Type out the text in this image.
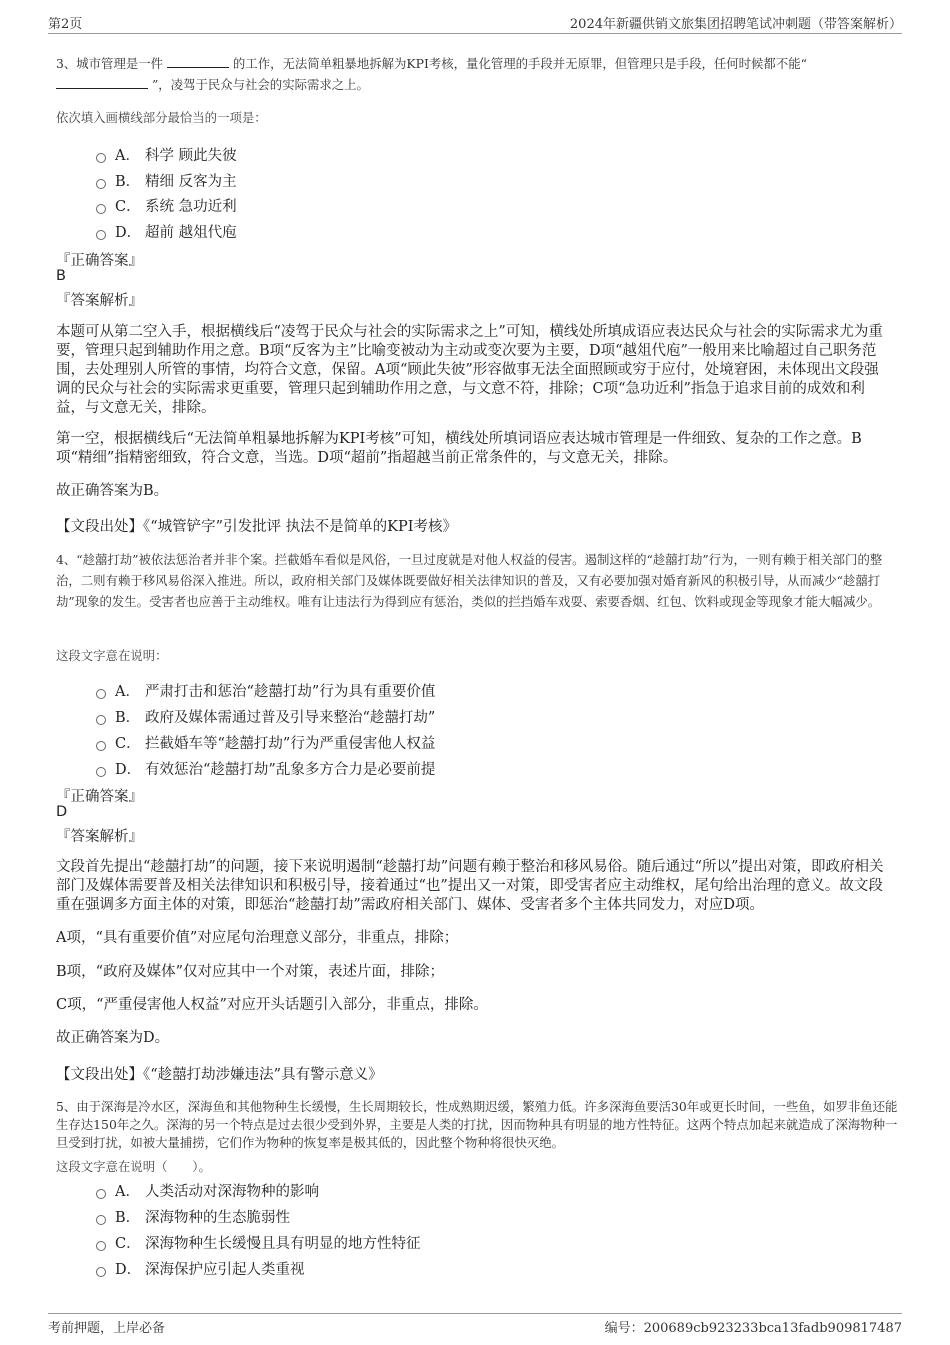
第2页	2024年新疆供销文旅集团招聘笔试冲刺题（带答案解析）
3、城市管理是一件	的工作，无法简单粗暴地拆解为KPI考核，量化管理的手段并无原罪，但管理只是手段，任何时候都不能“  ”，凌驾于民众与社会的实际需求之上。
依次填入画横线部分最恰当的一项是：
A． 科学 顾此失彼
B． 精细 反客为主
C． 系统 急功近利
D． 超前 越俎代庖
『正确答案』
B
『答案解析』
本题可从第二空入手，根据横线后“凌驾于民众与社会的实际需求之上”可知，横线处所填成语应表达民众与社会的实际需求尤为重要，管理只起到辅助作用之意。B项“反客为主”比喻变被动为主动或变次要为主要，D项“越俎代庖”一般用来比喻超过自己职务范围，去处理别人所管的事情，均符合文意，保留。A项“顾此失彼”形容做事无法全面照顾或穷于应付，处境窘困，未体现出文段强调的民众与社会的实际需求更重要，管理只起到辅助作用之意，与文意不符，排除；C项“急功近利”指急于追求目前的成效和利益，与文意无关，排除。
第一空，根据横线后“无法简单粗暴地拆解为KPI考核”可知，横线处所填词语应表达城市管理是一件细致、复杂的工作之意。B项“精细”指精密细致，符合文意，当选。D项“超前”指超越当前正常条件的，与文意无关，排除。
故正确答案为B。
【文段出处】《“城管铲字”引发批评 执法不是简单的KPI考核》
4、“趁囍打劫”被依法惩治者并非个案。拦截婚车看似是风俗，一旦过度就是对他人权益的侵害。遏制这样的“趁囍打劫”行为，一则有赖于相关部门的整治，二则有赖于移风易俗深入推进。所以，政府相关部门及媒体既要做好相关法律知识的普及，又有必要加强对婚育新风的积极引导，从而减少“趁囍打劫”现象的发生。受害者也应善于主动维权。唯有让违法行为得到应有惩治，类似的拦挡婚车戏耍、索要香烟、红包、饮料或现金等现象才能大幅减少。
这段文字意在说明：
A． 严肃打击和惩治“趁囍打劫”行为具有重要价值
B． 政府及媒体需通过普及引导来整治“趁囍打劫”
C． 拦截婚车等“趁囍打劫”行为严重侵害他人权益
D． 有效惩治“趁囍打劫”乱象多方合力是必要前提
『正确答案』
D
『答案解析』
文段首先提出“趁囍打劫”的问题，接下来说明遏制“趁囍打劫”问题有赖于整治和移风易俗。随后通过“所以”提出对策，即政府相关部门及媒体需要普及相关法律知识和积极引导，接着通过“也”提出又一对策，即受害者应主动维权，尾句给出治理的意义。故文段重在强调多方面主体的对策，即惩治“趁囍打劫”需政府相关部门、媒体、受害者多个主体共同发力，对应D项。
A项，“具有重要价值”对应尾句治理意义部分，非重点，排除；
B项，“政府及媒体”仅对应其中一个对策，表述片面，排除；
C项，“严重侵害他人权益”对应开头话题引入部分，非重点，排除。
故正确答案为D。
【文段出处】《“趁囍打劫涉嫌违法”具有警示意义》
5、由于深海是冷水区，深海鱼和其他物种生长缓慢，生长周期较长，性成熟期迟缓，繁殖力低。许多深海鱼要活30年或更长时间，一些鱼，如罗非鱼还能生存达150年之久。深海的另一个特点是过去很少受到外界，主要是人类的打扰，因而物种具有明显的地方性特征。这两个特点加起来就造成了深海物种一旦受到打扰，如被大量捕捞，它们作为物种的恢复率是极其低的，因此整个物种将很快灭绝。
这段文字意在说明（　　）。
A． 人类活动对深海物种的影响
B． 深海物种的生态脆弱性
C． 深海物种生长缓慢且具有明显的地方性特征
D． 深海保护应引起人类重视
考前押题，上岸必备	编号：200689cb923233bca13fadb909817487
